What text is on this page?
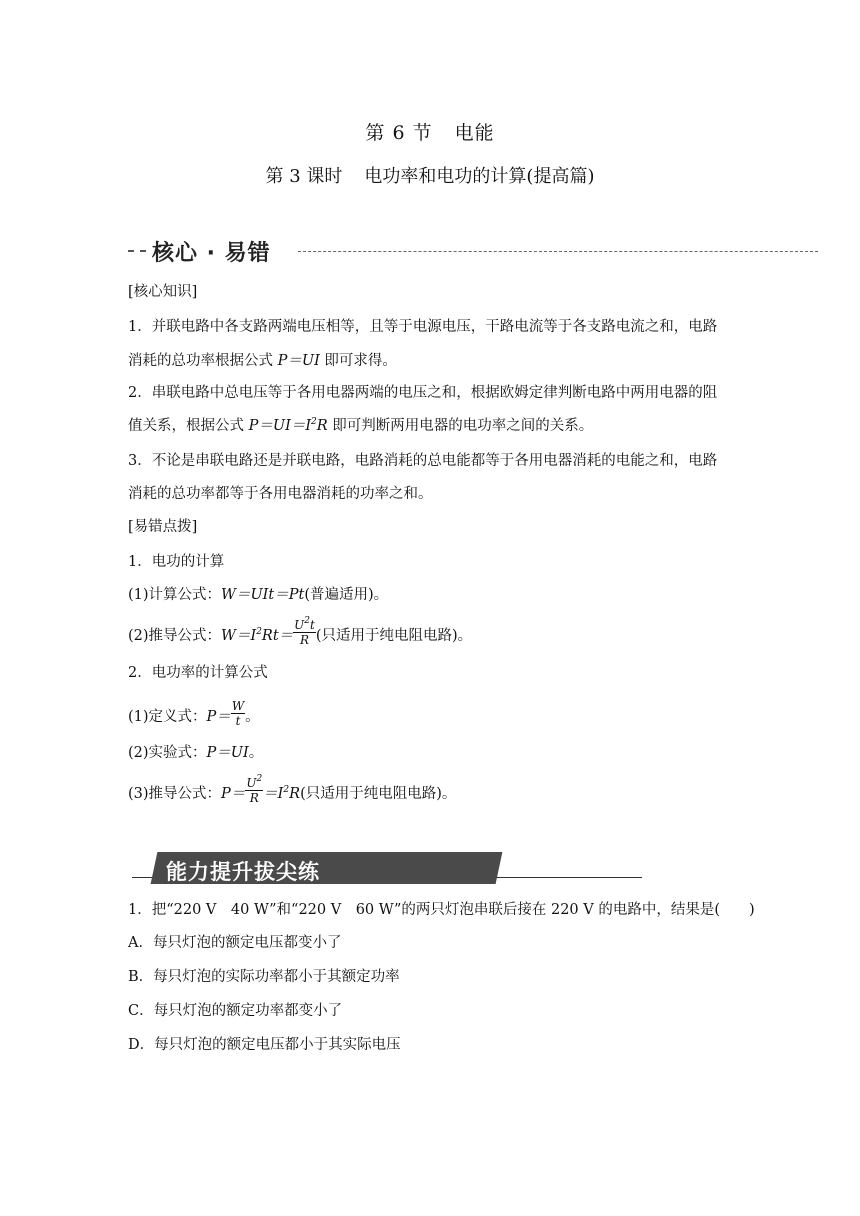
第 6 节 电能
第 3 课时 电功率和电功的计算(提高篇)
核心 · 易错
[核心知识]
1．并联电路中各支路两端电压相等，且等于电源电压，干路电流等于各支路电流之和，电路
消耗的总功率根据公式 P＝UI 即可求得。
2．串联电路中总电压等于各用电器两端的电压之和，根据欧姆定律判断电路中两用电器的阻
值关系，根据公式 $P=UI=I^2R$ 即可判断两用电器的电功率之间的关系。
3．不论是串联电路还是并联电路，电路消耗的总电能都等于各用电器消耗的电能之和，电路
消耗的总功率都等于各用电器消耗的功率之和。
[易错点拨]
1．电功的计算
(1)计算公式：W＝UIt＝Pt(普遍适用)。
(2)推导公式：$W=I^2Rt= \frac{U^2t}{R}$ (只适用于纯电阻电路)。
2．电功率的计算公式
(1)定义式：$P= \frac{W}{t}$ 。
(2)实验式：P＝UI。
(3)推导公式：$P= \frac{U^2}{R} =I^2R$(只适用于纯电阻电路)。
能力提升拔尖练
1．把“220 V　40 W”和“220 V　60 W”的两只灯泡串联后接在 220 V 的电路中，结果是(　　)
A．每只灯泡的额定电压都变小了
B．每只灯泡的实际功率都小于其额定功率
C．每只灯泡的额定功率都变小了
D．每只灯泡的额定电压都小于其实际电压
